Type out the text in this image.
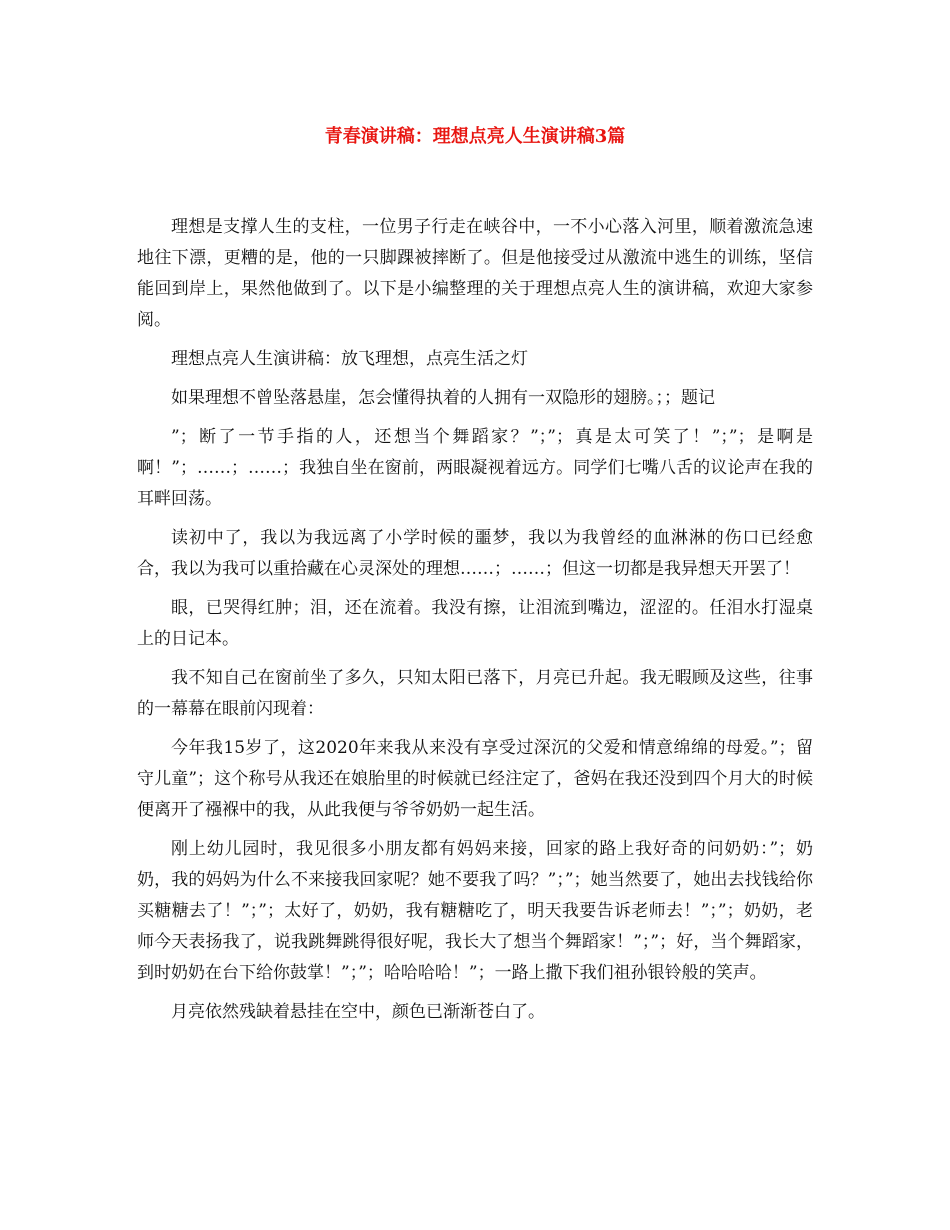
青春演讲稿：理想点亮人生演讲稿3篇

理想是支撑人生的支柱，一位男子行走在峡谷中，一不小心落入河里，顺着激流急速地往下漂，更糟的是，他的一只脚踝被摔断了。但是他接受过从激流中逃生的训练，坚信能回到岸上，果然他做到了。以下是小编整理的关于理想点亮人生的演讲稿，欢迎大家参阅。

理想点亮人生演讲稿：放飞理想，点亮生活之灯

如果理想不曾坠落悬崖，怎会懂得执着的人拥有一双隐形的翅膀。；；题记

”；断了一节手指的人，还想当个舞蹈家？”；”；真是太可笑了！”；”；是啊是啊！”；……；……；我独自坐在窗前，两眼凝视着远方。同学们七嘴八舌的议论声在我的耳畔回荡。

读初中了，我以为我远离了小学时候的噩梦，我以为我曾经的血淋淋的伤口已经愈合，我以为我可以重拾藏在心灵深处的理想……；……；但这一切都是我异想天开罢了！

眼，已哭得红肿；泪，还在流着。我没有擦，让泪流到嘴边，涩涩的。任泪水打湿桌上的日记本。

我不知自己在窗前坐了多久，只知太阳已落下，月亮已升起。我无暇顾及这些，往事的一幕幕在眼前闪现着：

今年我15岁了，这2020年来我从来没有享受过深沉的父爱和情意绵绵的母爱。”；留守儿童”；这个称号从我还在娘胎里的时候就已经注定了，爸妈在我还没到四个月大的时候便离开了襁褓中的我，从此我便与爷爷奶奶一起生活。

刚上幼儿园时，我见很多小朋友都有妈妈来接，回家的路上我好奇的问奶奶：”；奶奶，我的妈妈为什么不来接我回家呢？她不要我了吗？”；”；她当然要了，她出去找钱给你买糖糖去了！”；”；太好了，奶奶，我有糖糖吃了，明天我要告诉老师去！”；”；奶奶，老师今天表扬我了，说我跳舞跳得很好呢，我长大了想当个舞蹈家！”；”；好，当个舞蹈家，到时奶奶在台下给你鼓掌！”；”；哈哈哈哈！”；一路上撒下我们祖孙银铃般的笑声。

月亮依然残缺着悬挂在空中，颜色已渐渐苍白了。
